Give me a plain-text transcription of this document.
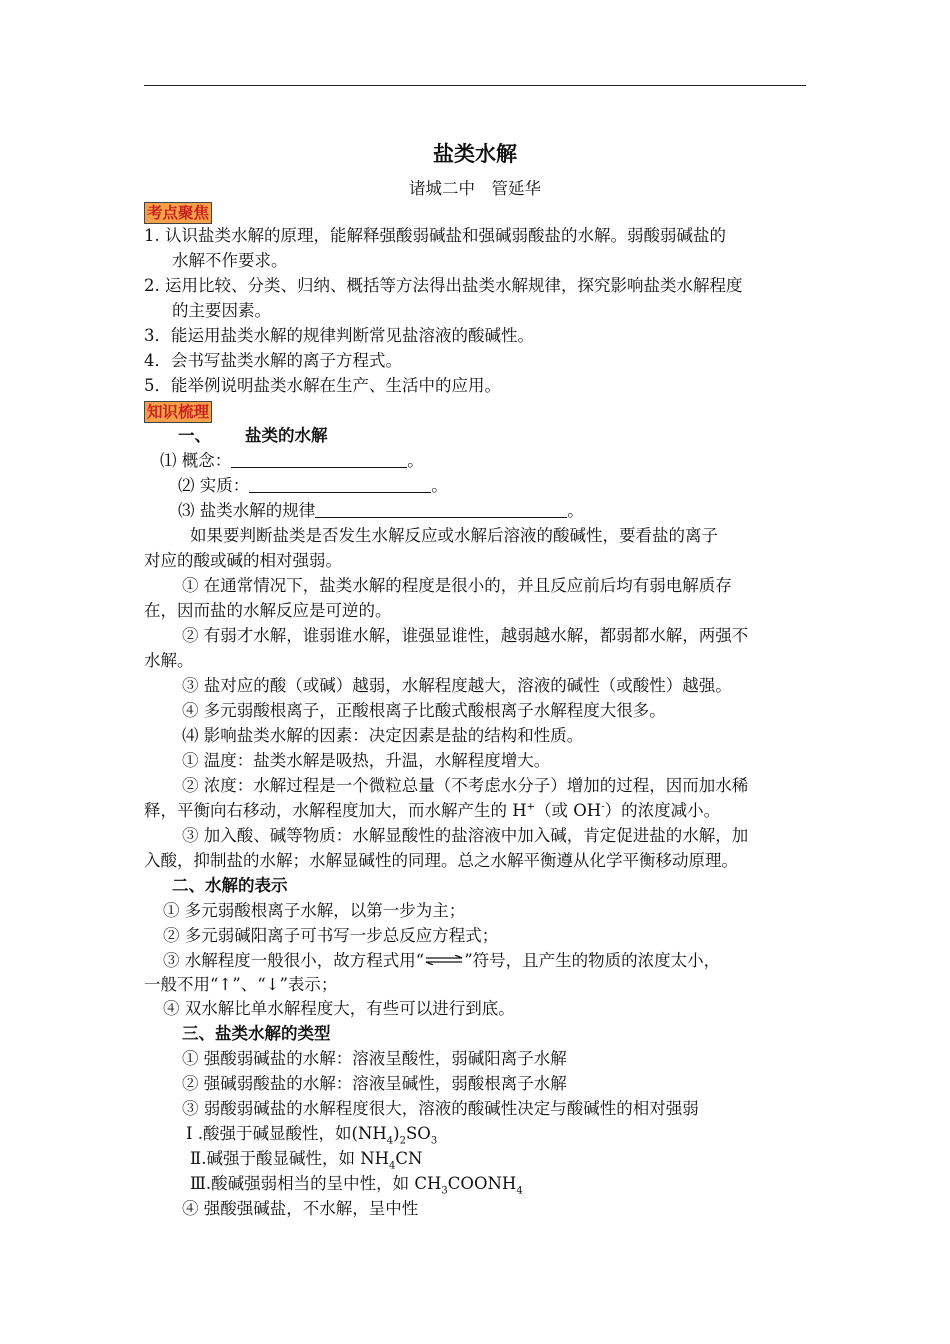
盐类水解
诸城二中　管延华
考点聚焦
1. 认识盐类水解的原理，能解释强酸弱碱盐和强碱弱酸盐的水解。弱酸弱碱盐的
水解不作要求。
2. 运用比较、分类、归纳、概括等方法得出盐类水解规律，探究影响盐类水解程度
的主要因素。
3．能运用盐类水解的规律判断常见盐溶液的酸碱性。
4．会书写盐类水解的离子方程式。
5．能举例说明盐类水解在生产、生活中的应用。
知识梳理
一、 盐类的水解
⑴ 概念：	。
⑵ 实质：	。
⑶ 盐类水解的规律	。
如果要判断盐类是否发生水解反应或水解后溶液的酸碱性，要看盐的离子
对应的酸或碱的相对强弱。
① 在通常情况下，盐类水解的程度是很小的，并且反应前后均有弱电解质存
在，因而盐的水解反应是可逆的。
② 有弱才水解，谁弱谁水解，谁强显谁性，越弱越水解，都弱都水解，两强不
水解。
③ 盐对应的酸（或碱）越弱，水解程度越大，溶液的碱性（或酸性）越强。
④ 多元弱酸根离子，正酸根离子比酸式酸根离子水解程度大很多。
⑷ 影响盐类水解的因素：决定因素是盐的结构和性质。
① 温度：盐类水解是吸热，升温，水解程度增大。
② 浓度：水解过程是一个微粒总量（不考虑水分子）增加的过程，因而加水稀
释，平衡向右移动，水解程度加大，而水解产生的 H+（或 OH-）的浓度减小。
③ 加入酸、碱等物质：水解显酸性的盐溶液中加入碱，肯定促进盐的水解，加
入酸，抑制盐的水解；水解显碱性的同理。总之水解平衡遵从化学平衡移动原理。
二、水解的表示
① 多元弱酸根离子水解，以第一步为主；
② 多元弱碱阳离子可书写一步总反应方程式；
③ 水解程度一般很小，故方程式用“⇌”符号，且产生的物质的浓度太小，
一般不用“↑”、“↓”表示；
④ 双水解比单水解程度大，有些可以进行到底。
三、盐类水解的类型
① 强酸弱碱盐的水解：溶液呈酸性，弱碱阳离子水解
② 强碱弱酸盐的水解：溶液呈碱性，弱酸根离子水解
③ 弱酸弱碱盐的水解程度很大，溶液的酸碱性决定与酸碱性的相对强弱
Ⅰ .酸强于碱显酸性，如$(NH_4)_2SO_3$
Ⅱ.碱强于酸显碱性，如 $NH_4CN$
Ⅲ.酸碱强弱相当的呈中性，如 $CH_3COONH_4$
④ 强酸强碱盐，不水解，呈中性
